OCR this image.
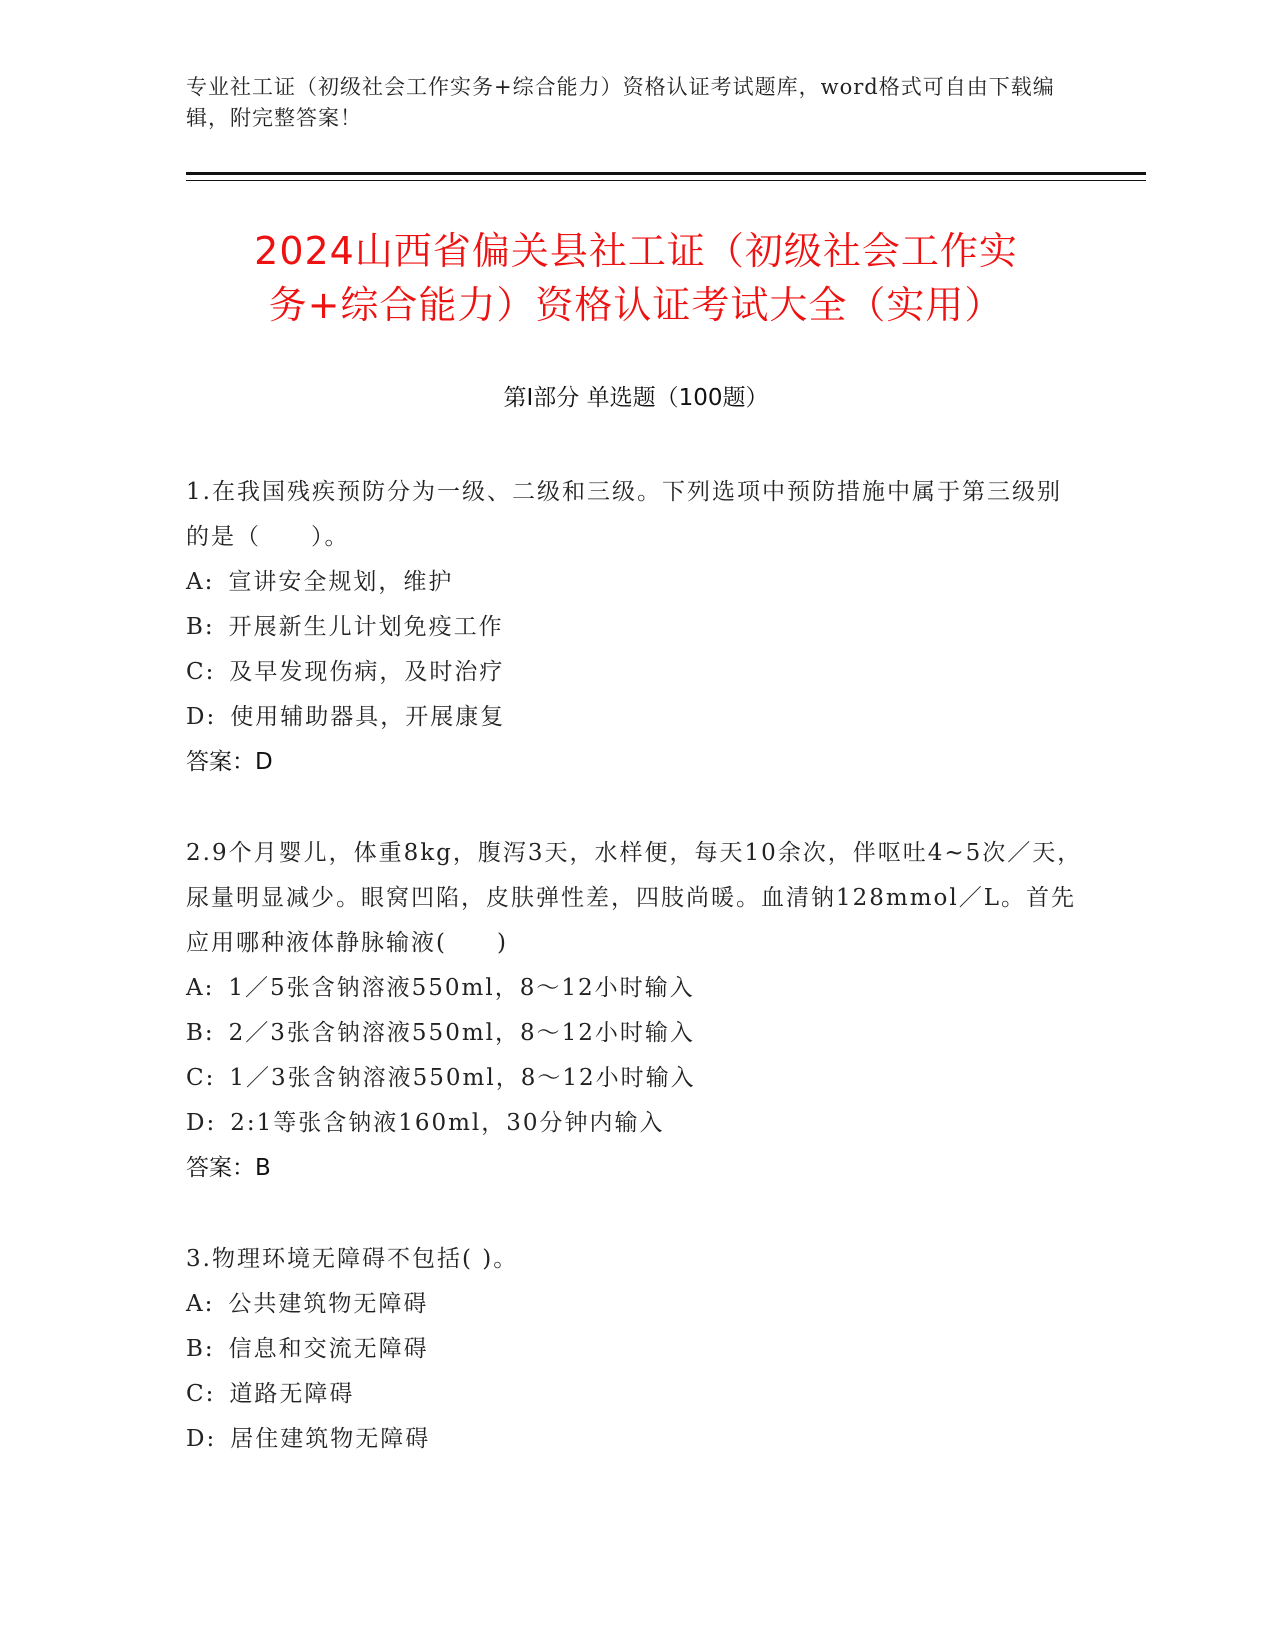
专业社工证（初级社会工作实务+综合能力）资格认证考试题库，word格式可自由下载编辑，附完整答案！
2024山西省偏关县社工证（初级社会工作实
务+综合能力）资格认证考试大全（实用）
第I部分 单选题（100题）
1.在我国残疾预防分为一级、二级和三级。下列选项中预防措施中属于第三级别的是（　　）。
A: 宣讲安全规划，维护
B: 开展新生儿计划免疫工作
C: 及早发现伤病，及时治疗
D: 使用辅助器具，开展康复
答案：D
2.9个月婴儿，体重8kg，腹泻3天，水样便，每天10余次，伴呕吐4~5次／天，尿量明显减少。眼窝凹陷，皮肤弹性差，四肢尚暖。血清钠128mmol／L。首先应用哪种液体静脉输液(　　)
A: 1／5张含钠溶液550ml，8～12小时输入
B: 2／3张含钠溶液550ml，8～12小时输入
C: 1／3张含钠溶液550ml，8～12小时输入
D: 2:1等张含钠液160ml，30分钟内输入
答案：B
3.物理环境无障碍不包括( )。
A: 公共建筑物无障碍
B: 信息和交流无障碍
C: 道路无障碍
D: 居住建筑物无障碍
